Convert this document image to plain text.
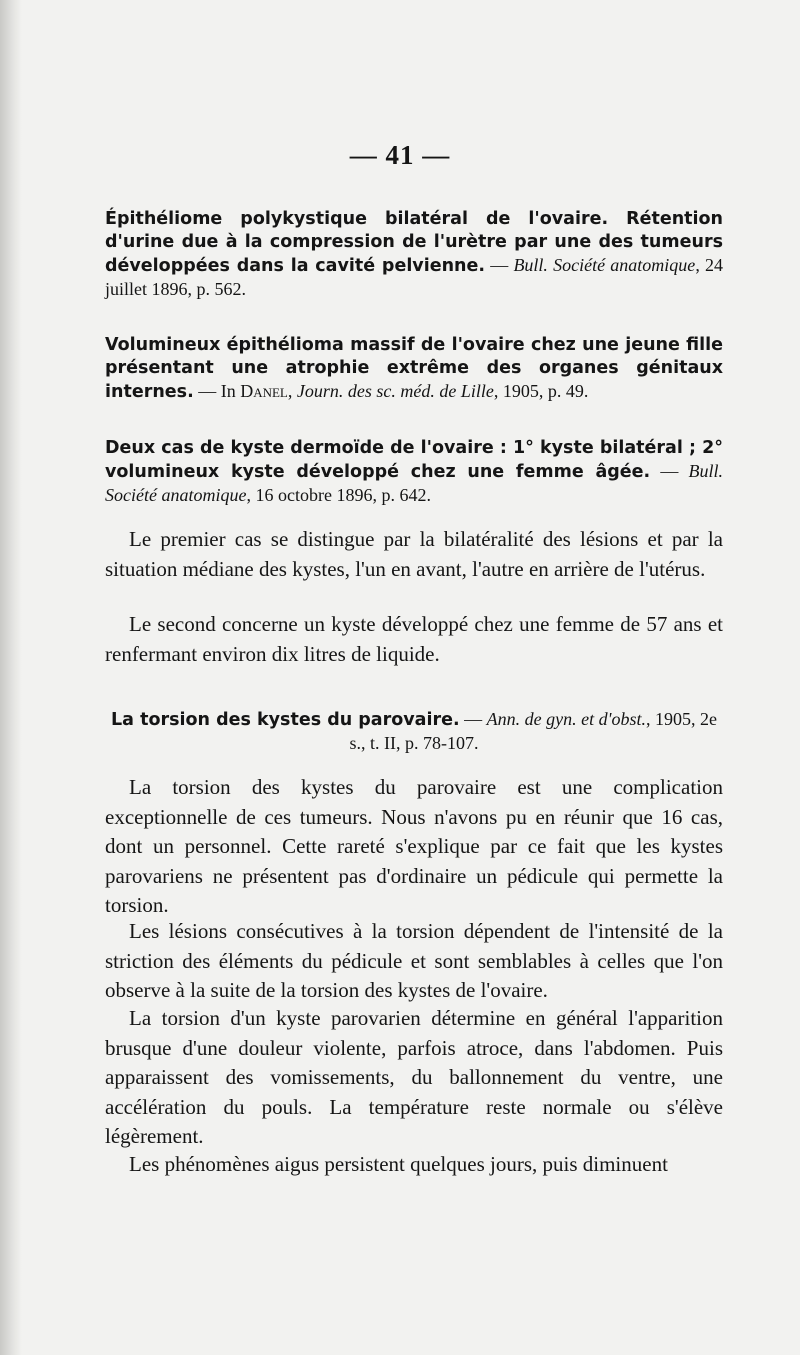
— 41 —
Épithéliome polykystique bilatéral de l'ovaire. Rétention d'urine due à la compression de l'urètre par une des tumeurs développées dans la cavité pelvienne. — Bull. Société anatomique, 24 juillet 1896, p. 562.
Volumineux épithélioma massif de l'ovaire chez une jeune fille présentant une atrophie extrême des organes génitaux internes. — In Danel, Journ. des sc. méd. de Lille, 1905, p. 49.
Deux cas de kyste dermoïde de l'ovaire : 1° kyste bilatéral ; 2° volumineux kyste développé chez une femme âgée. — Bull. Société anatomique, 16 octobre 1896, p. 642.

Le premier cas se distingue par la bilatéralité des lésions et par la situation médiane des kystes, l'un en avant, l'autre en arrière de l'utérus.

Le second concerne un kyste développé chez une femme de 57 ans et renfermant environ dix litres de liquide.

La torsion des kystes du parovaire. — Ann. de gyn. et d'obst., 1905, 2e s., t. II, p. 78-107.

La torsion des kystes du parovaire est une complication exceptionnelle de ces tumeurs. Nous n'avons pu en réunir que 16 cas, dont un personnel. Cette rareté s'explique par ce fait que les kystes parovariens ne présentent pas d'ordinaire un pédicule qui permette la torsion.

Les lésions consécutives à la torsion dépendent de l'intensité de la striction des éléments du pédicule et sont semblables à celles que l'on observe à la suite de la torsion des kystes de l'ovaire.

La torsion d'un kyste parovarien détermine en général l'apparition brusque d'une douleur violente, parfois atroce, dans l'abdomen. Puis apparaissent des vomissements, du ballonnement du ventre, une accélération du pouls. La température reste normale ou s'élève légèrement.

Les phénomènes aigus persistent quelques jours, puis diminuent
